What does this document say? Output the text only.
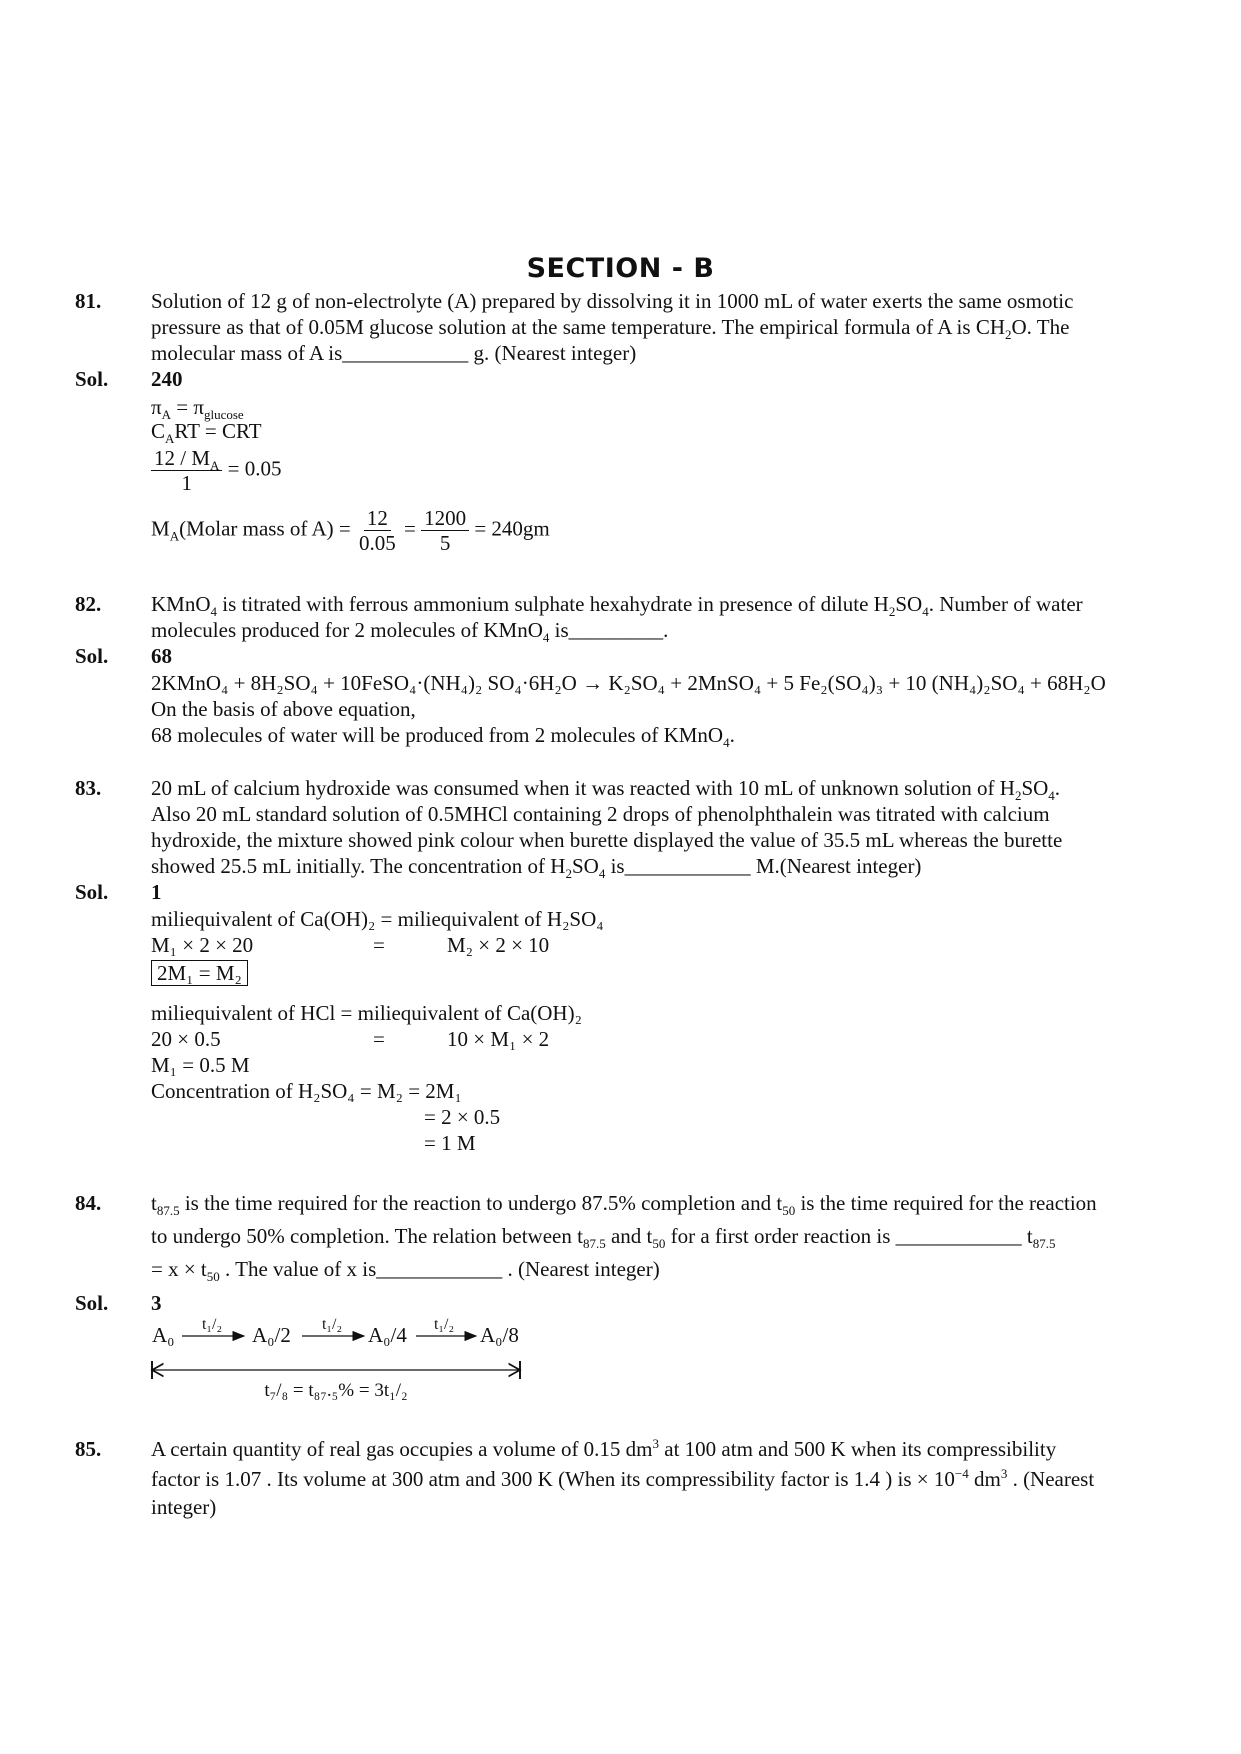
SECTION - B
81. Solution of 12 g of non-electrolyte (A) prepared by dissolving it in 1000 mL of water exerts the same osmotic
pressure as that of 0.05M glucose solution at the same temperature. The empirical formula of A is $CH_2O$. The
molecular mass of A is____________ g. (Nearest integer)
Sol. 240
$\pi_A = \pi_{glucose}$
$C_ART$ = CRT
$\frac{12 / M_A}{1} = 0.05$
$M_A(Molar$ mass of $A) = \frac{12}{0.05} = \frac{1200}{5} = 240gm$
82. KMnO$_4$ is titrated with ferrous ammonium sulphate hexahydrate in presence of dilute $H_2SO_4$. Number of water
molecules produced for 2 molecules of KMnO$_4$ is_________.
Sol. 68
2KMnO₄ + 8H₂SO₄ + 10FeSO₄·(NH₄)₂ SO₄·6H₂O → K₂SO₄ + 2MnSO₄ + 5 Fe₂(SO₄)₃ + 10 (NH₄)₂SO₄ + 68H₂O
On the basis of above equation,
68 molecules of water will be produced from 2 molecules of KMnO$_4$.
83. 20 mL of calcium hydroxide was consumed when it was reacted with 10 mL of unknown solution of $H_2SO_4$.
Also 20 mL standard solution of 0.5MHCl containing 2 drops of phenolphthalein was titrated with calcium
hydroxide, the mixture showed pink colour when burette displayed the value of 35.5 mL whereas the burette
showed 25.5 mL initially. The concentration of $H_2SO_4$ is____________ M.(Nearest integer)
Sol. 1
miliequivalent of Ca(OH)₂ = miliequivalent of H₂SO₄
M₁ × 2 × 20	=	M₂ × 2 × 10
2M₁ = M₂
miliequivalent of HCl = miliequivalent of Ca(OH)₂
20 × 0.5	=	10 × M₁ × 2
M₁ = 0.5 M
Concentration of H₂SO₄ = M₂ = 2M₁
= 2 × 0.5
= 1 M
84. $t_{87.5}$ is the time required for the reaction to undergo 87.5% completion and $t_{50}$ is the time required for the reaction
to undergo 50% completion. The relation between $t_{87.5}$ and $t_{50}$ for a first order reaction is ____________ $t_{87.5}$
= $x \times t_{50}$ . The value of x is____________ . (Nearest integer)
Sol. 3
A₀ t₁/₂ A₀/2 t₁/₂ A₀/4 t₁/₂ A₀/8
t₇/₈ = t₈₇.₅% = 3t₁/₂
85. A certain quantity of real gas occupies a volume of 0.15 $dm^3$ at 100 atm and 500 K when its compressibility
factor is 1.07 . Its volume at 300 atm and 300 K (When its compressibility factor is 1.4 ) is × $10^{-4}$ $dm^3$ . (Nearest
integer)
